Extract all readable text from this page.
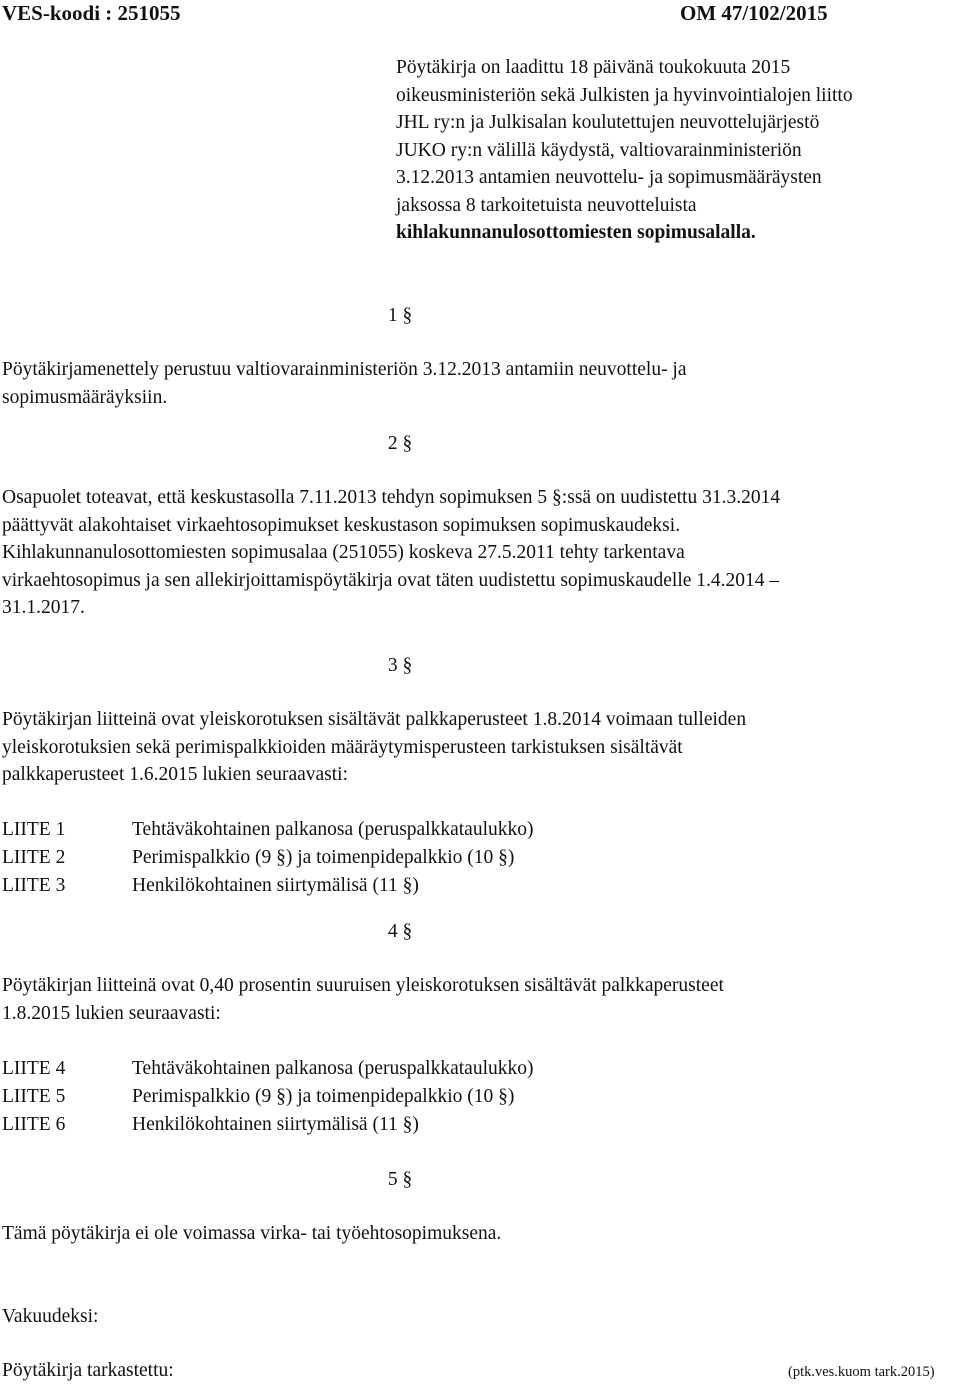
VES-koodi : 251055	OM 47/102/2015
Pöytäkirja on laadittu 18 päivänä toukokuuta 2015
oikeusministeriön sekä Julkisten ja hyvinvointialojen liitto
JHL ry:n ja Julkisalan koulutettujen neuvottelujärjestö
JUKO ry:n välillä käydystä, valtiovarainministeriön
3.12.2013 antamien neuvottelu- ja sopimusmääräysten
jaksossa 8 tarkoitetuista neuvotteluista
kihlakunnanulosottomiesten sopimusalalla.
1 §
Pöytäkirjamenettely perustuu valtiovarainministeriön 3.12.2013 antamiin neuvottelu- ja
sopimusmääräyksiin.
2 §
Osapuolet toteavat, että keskustasolla 7.11.2013 tehdyn sopimuksen 5 §:ssä on uudistettu 31.3.2014
päättyvät alakohtaiset virkaehtosopimukset keskustason sopimuksen sopimuskaudeksi.
Kihlakunnanulosottomiesten sopimusalaa (251055) koskeva 27.5.2011 tehty tarkentava
virkaehtosopimus ja sen allekirjoittamispöytäkirja ovat täten uudistettu sopimuskaudelle 1.4.2014 –
31.1.2017.
3 §
Pöytäkirjan liitteinä ovat yleiskorotuksen sisältävät palkkaperusteet 1.8.2014 voimaan tulleiden
yleiskorotuksien sekä perimispalkkioiden määräytymisperusteen tarkistuksen sisältävät
palkkaperusteet 1.6.2015 lukien seuraavasti:
LIITE 1	Tehtäväkohtainen palkanosa (peruspalkkataulukko)
LIITE 2	Perimispalkkio (9 §) ja toimenpidepalkkio (10 §)
LIITE 3	Henkilökohtainen siirtymälisä (11 §)
4 §
Pöytäkirjan liitteinä ovat 0,40 prosentin suuruisen yleiskorotuksen sisältävät palkkaperusteet
1.8.2015 lukien seuraavasti:
LIITE 4	Tehtäväkohtainen palkanosa (peruspalkkataulukko)
LIITE 5	Perimispalkkio (9 §) ja toimenpidepalkkio (10 §)
LIITE 6	Henkilökohtainen siirtymälisä (11 §)
5 §
Tämä pöytäkirja ei ole voimassa virka- tai työehtosopimuksena.
Vakuudeksi:
Pöytäkirja tarkastettu:	(ptk.ves.kuom tark.2015)
